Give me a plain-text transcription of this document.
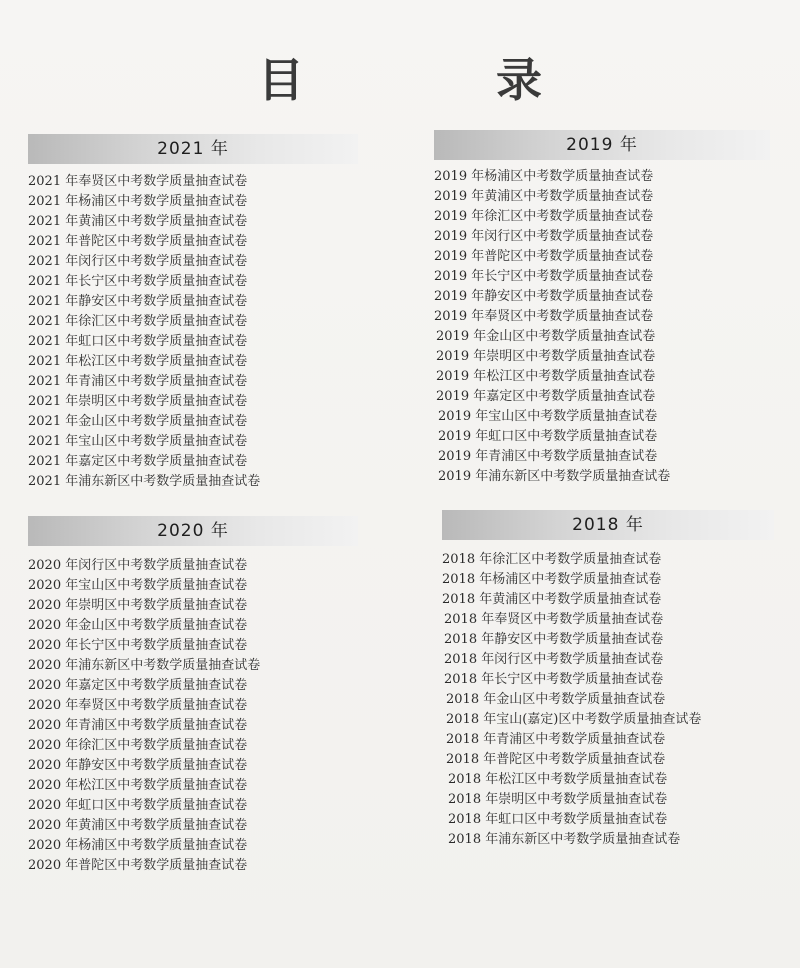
目 录
2021 年
2021 年奉贤区中考数学质量抽查试卷
2021 年杨浦区中考数学质量抽查试卷
2021 年黄浦区中考数学质量抽查试卷
2021 年普陀区中考数学质量抽查试卷
2021 年闵行区中考数学质量抽查试卷
2021 年长宁区中考数学质量抽查试卷
2021 年静安区中考数学质量抽查试卷
2021 年徐汇区中考数学质量抽查试卷
2021 年虹口区中考数学质量抽查试卷
2021 年松江区中考数学质量抽查试卷
2021 年青浦区中考数学质量抽查试卷
2021 年崇明区中考数学质量抽查试卷
2021 年金山区中考数学质量抽查试卷
2021 年宝山区中考数学质量抽查试卷
2021 年嘉定区中考数学质量抽查试卷
2021 年浦东新区中考数学质量抽查试卷
2020 年
2020 年闵行区中考数学质量抽查试卷
2020 年宝山区中考数学质量抽查试卷
2020 年崇明区中考数学质量抽查试卷
2020 年金山区中考数学质量抽查试卷
2020 年长宁区中考数学质量抽查试卷
2020 年浦东新区中考数学质量抽查试卷
2020 年嘉定区中考数学质量抽查试卷
2020 年奉贤区中考数学质量抽查试卷
2020 年青浦区中考数学质量抽查试卷
2020 年徐汇区中考数学质量抽查试卷
2020 年静安区中考数学质量抽查试卷
2020 年松江区中考数学质量抽查试卷
2020 年虹口区中考数学质量抽查试卷
2020 年黄浦区中考数学质量抽查试卷
2020 年杨浦区中考数学质量抽查试卷
2020 年普陀区中考数学质量抽查试卷
2019 年
2019 年杨浦区中考数学质量抽查试卷
2019 年黄浦区中考数学质量抽查试卷
2019 年徐汇区中考数学质量抽查试卷
2019 年闵行区中考数学质量抽查试卷
2019 年普陀区中考数学质量抽查试卷
2019 年长宁区中考数学质量抽查试卷
2019 年静安区中考数学质量抽查试卷
2019 年奉贤区中考数学质量抽查试卷
2019 年金山区中考数学质量抽查试卷
2019 年崇明区中考数学质量抽查试卷
2019 年松江区中考数学质量抽查试卷
2019 年嘉定区中考数学质量抽查试卷
2019 年宝山区中考数学质量抽查试卷
2019 年虹口区中考数学质量抽查试卷
2019 年青浦区中考数学质量抽查试卷
2019 年浦东新区中考数学质量抽查试卷
2018 年
2018 年徐汇区中考数学质量抽查试卷
2018 年杨浦区中考数学质量抽查试卷
2018 年黄浦区中考数学质量抽查试卷
2018 年奉贤区中考数学质量抽查试卷
2018 年静安区中考数学质量抽查试卷
2018 年闵行区中考数学质量抽查试卷
2018 年长宁区中考数学质量抽查试卷
2018 年金山区中考数学质量抽查试卷
2018 年宝山(嘉定)区中考数学质量抽查试卷
2018 年青浦区中考数学质量抽查试卷
2018 年普陀区中考数学质量抽查试卷
2018 年松江区中考数学质量抽查试卷
2018 年崇明区中考数学质量抽查试卷
2018 年虹口区中考数学质量抽查试卷
2018 年浦东新区中考数学质量抽查试卷
